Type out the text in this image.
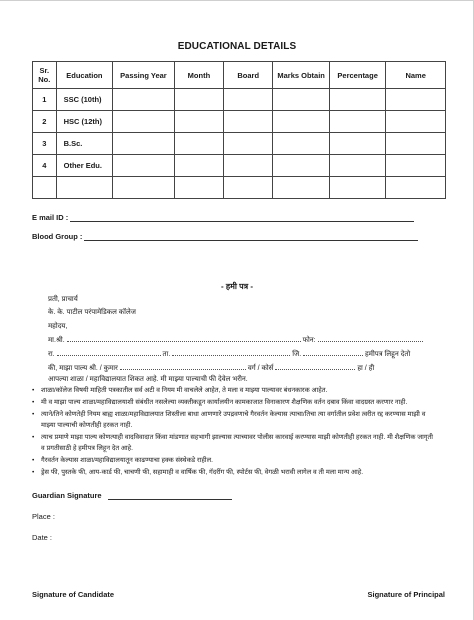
EDUCATIONAL DETAILS
Sr. No.	Education	Passing Year	Month	Board	Marks Obtain	Percentage	Name
1	SSC (10th)						
2	HSC (12th)						
3	B.Sc.						
4	Other Edu.						

E mail ID :
Blood Group :
- हमी पत्र -
प्रती, प्राचार्य
के. के. पाटील परंपामेडिकल कॉलेज
महोदय,
मा.श्री.	फोन:
रा.	ता.	जि.	हमीपत्र लिहून देतो
की, माझा पाल्य श्री. / कुमार	वर्ग / कोर्स	हा / ही
आपल्या शाळा / महाविद्यालयात शिकत आहे. मी माझ्या पाल्याची फी देवेल भरीन.
• शाळा/कॉलेज विषयी माहिती पत्रकातील सर्व अटी व नियम मी वाचलेले आहेत, ते मला व माझ्या पाल्यावर बंधनकारक आहेत.
• मी व माझा पाल्य शाळा/महाविद्यालयाशी संबंधीत नसलेल्या व्यक्तीकडून कार्यालयीन कामकाजात विनाकारण शैक्षणिक वर्तन दबाव किंवा वादग्रस्त करणार नाही.
• त्याने/तिने कोणतेही नियम बाह्य शाळा/महाविद्यालयात शिस्तीला बाधा आणणारे उपद्रवणाचे गैरवर्तन केल्यास त्याचा/तिचा त्या वर्गातील प्रवेश त्वरीत रद्द करण्यास माझी व माझ्या पाल्याची कोणतीही हरकत नाही.
• त्याच प्रमाणे माझा पाल्य कोणत्याही वादविवादात किंवा मांडणात सहभागी झाल्यास त्याच्यावर पोलीस कारवाई करण्यास माझी कोणतीही हरकत नाही. मी शैक्षणिक जागृती व प्रगतीसाठी हे हमीपत्र लिहून देत आहे.
• गैरवर्तन केल्यास शाळा/महाविद्यालयातून काढण्याचा हक्क संस्थेकडे राहील.
• ड्रेस फी, पुस्तके फी, आय-कार्ड फी, चाचणी फी, सहामाही व वार्षिक फी, गॅदरींग फी, स्पोर्टस फी, वेगळी भरावी लागेल व ती मला मान्य आहे.
Guardian Signature
Place :
Date :
Signature of Candidate	Signature of Principal
